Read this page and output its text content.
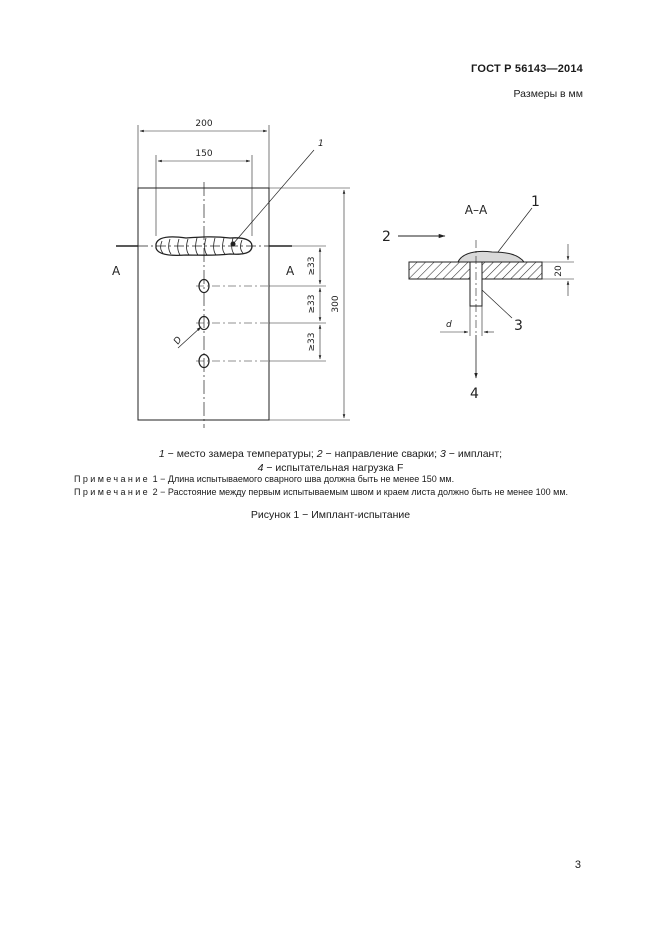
ГОСТ Р 56143—2014
Размеры в мм
200
150
300
≥33
≥33
≥33
D
1
A	A
А–А	1
2
3
4
d
20
1 − место замера температуры; 2 − направление сварки; 3 − имплант;
4 − испытательная нагрузка F
Примечание 1 − Длина испытываемого сварного шва должна быть не менее 150 мм.
Примечание 2 − Расстояние между первым испытываемым швом и краем листа должно быть не менее 100 мм.
Рисунок 1 − Имплант-испытание
3
